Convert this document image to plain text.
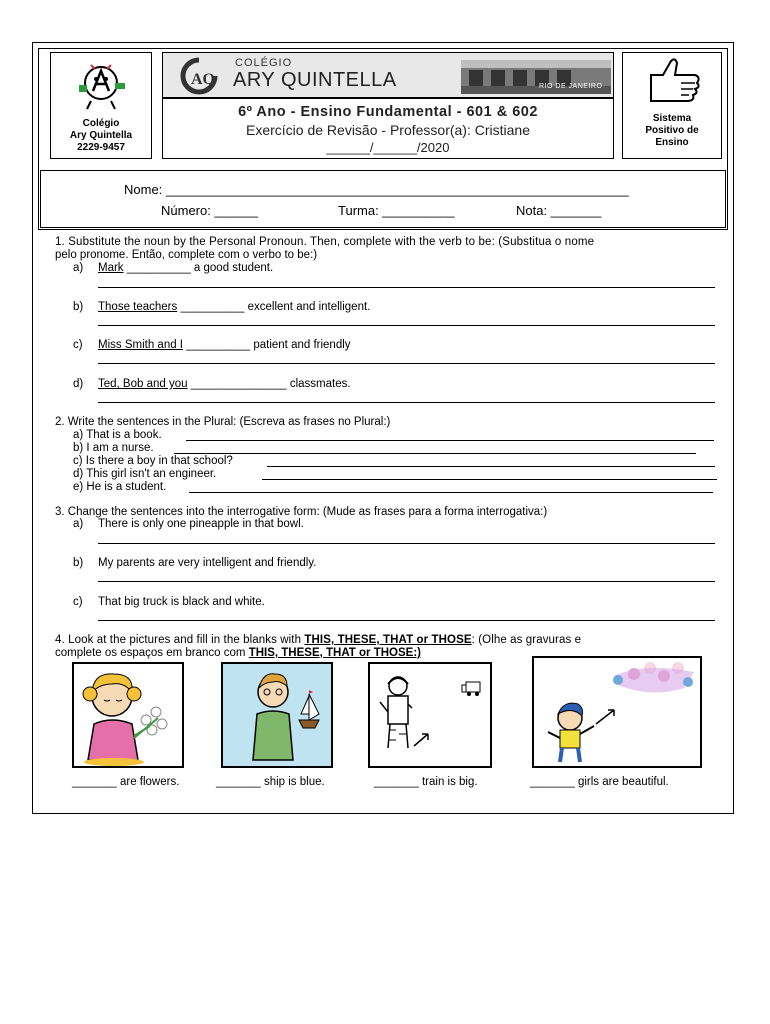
Colégio
Ary Quintella
2229-9457
AQ
COLÉGIO
ARY QUINTELLA	RIO DE JANEIRO
6º Ano - Ensino Fundamental - 601 & 602
Exercício de Revisão - Professor(a): Cristiane
______/______/2020
Sistema
Positivo de
Ensino
Nome: ________________________________________________________________
Número: ______	Turma: __________	Nota: _______
1. Substitute the noun by the Personal Pronoun. Then, complete with the verb to be: (Substitua o nome
pelo pronome. Então, complete com o verbo to be:)
a) Mark __________ a good student.
b) Those teachers __________ excellent and intelligent.
c) Miss Smith and I __________ patient and friendly
d) Ted, Bob and you _______________ classmates.
2. Write the sentences in the Plural: (Escreva as frases no Plural:)
a) That is a book.
b) I am a nurse.
c) Is there a boy in that school?
d) This girl isn't an engineer.
e) He is a student.
3. Change the sentences into the interrogative form: (Mude as frases para a forma interrogativa:)
a) There is only one pineapple in that bowl.
b) My parents are very intelligent and friendly.
c) That big truck is black and white.
4. Look at the pictures and fill in the blanks with THIS, THESE, THAT or THOSE: (Olhe as gravuras e
complete os espaços em branco com THIS, THESE, THAT or THOSE:)
_______ are flowers.	_______ ship is blue.	_______ train is big.	_______ girls are beautiful.
